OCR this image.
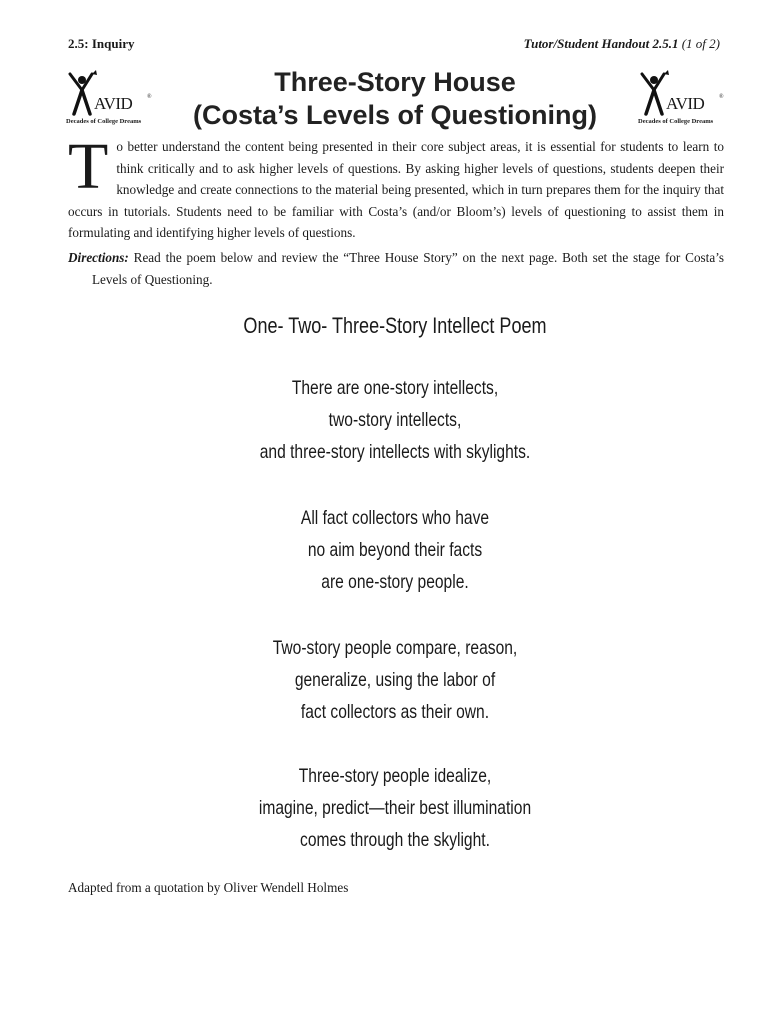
2.5: Inquiry	Tutor/Student Handout 2.5.1 (1 of 2)
AVID ®
Decades of College Dreams
AVID ®
Decades of College Dreams
Three-Story House
(Costa’s Levels of Questioning)

To better understand the content being presented in their core subject areas, it is essential for students to learn to think critically and to ask higher levels of questions. By asking higher levels of questions, students deepen their knowledge and create connections to the material being presented, which in turn prepares them for the inquiry that occurs in tutorials. Students need to be familiar with Costa’s (and/or Bloom’s) levels of questioning to assist them in formulating and identifying higher levels of questions.

Directions: Read the poem below and review the “Three House Story” on the next page. Both set the stage for Costa’s Levels of Questioning.

One- Two- Three-Story Intellect Poem
There are one-story intellects,
two-story intellects,
and three-story intellects with skylights.
All fact collectors who have
no aim beyond their facts
are one-story people.
Two-story people compare, reason,
generalize, using the labor of
fact collectors as their own.
Three-story people idealize,
imagine, predict—their best illumination
comes through the skylight.
Adapted from a quotation by Oliver Wendell Holmes
